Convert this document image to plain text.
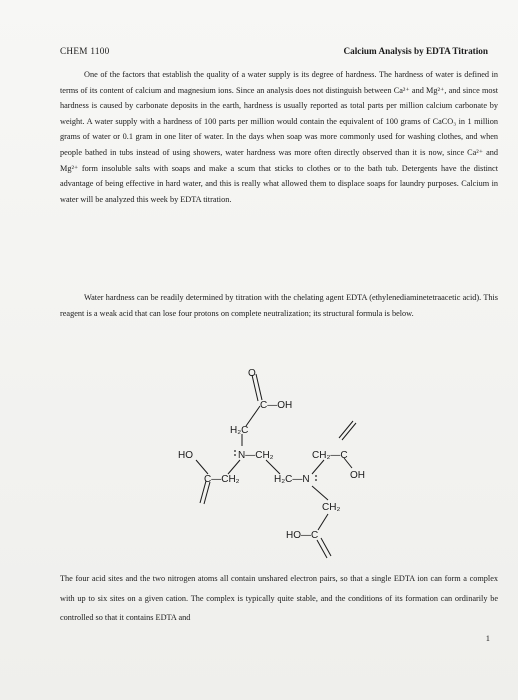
CHEM 1100	Calcium Analysis by EDTA Titration

One of the factors that establish the quality of a water supply is its degree of hardness. The hardness of water is defined in terms of its content of calcium and magnesium ions. Since an analysis does not distinguish between Ca²⁺ and Mg²⁺, and since most hardness is caused by carbonate deposits in the earth, hardness is usually reported as total parts per million calcium carbonate by weight. A water supply with a hardness of 100 parts per million would contain the equivalent of 100 grams of CaCO₃ in 1 million grams of water or 0.1 gram in one liter of water. In the days when soap was more commonly used for washing clothes, and when people bathed in tubs instead of using showers, water hardness was more often directly observed than it is now, since Ca²⁺ and Mg²⁺ form insoluble salts with soaps and make a scum that sticks to clothes or to the bath tub. Detergents have the distinct advantage of being effective in hard water, and this is really what allowed them to displace soaps for laundry purposes. Calcium in water will be analyzed this week by EDTA titration.

Water hardness can be readily determined by titration with the chelating agent EDTA (ethylenediaminetetraacetic acid). This reagent is a weak acid that can lose four protons on complete neutralization; its structural formula is below.

O
C—OH
H₂C
N—CH₂	CH₂—C
HO
OH
C—CH₂	H₂C—N
CH₂
HO—C

The four acid sites and the two nitrogen atoms all contain unshared electron pairs, so that a single EDTA ion can form a complex with up to six sites on a given cation. The complex is typically quite stable, and the conditions of its formation can ordinarily be controlled so that it contains EDTA and

1
